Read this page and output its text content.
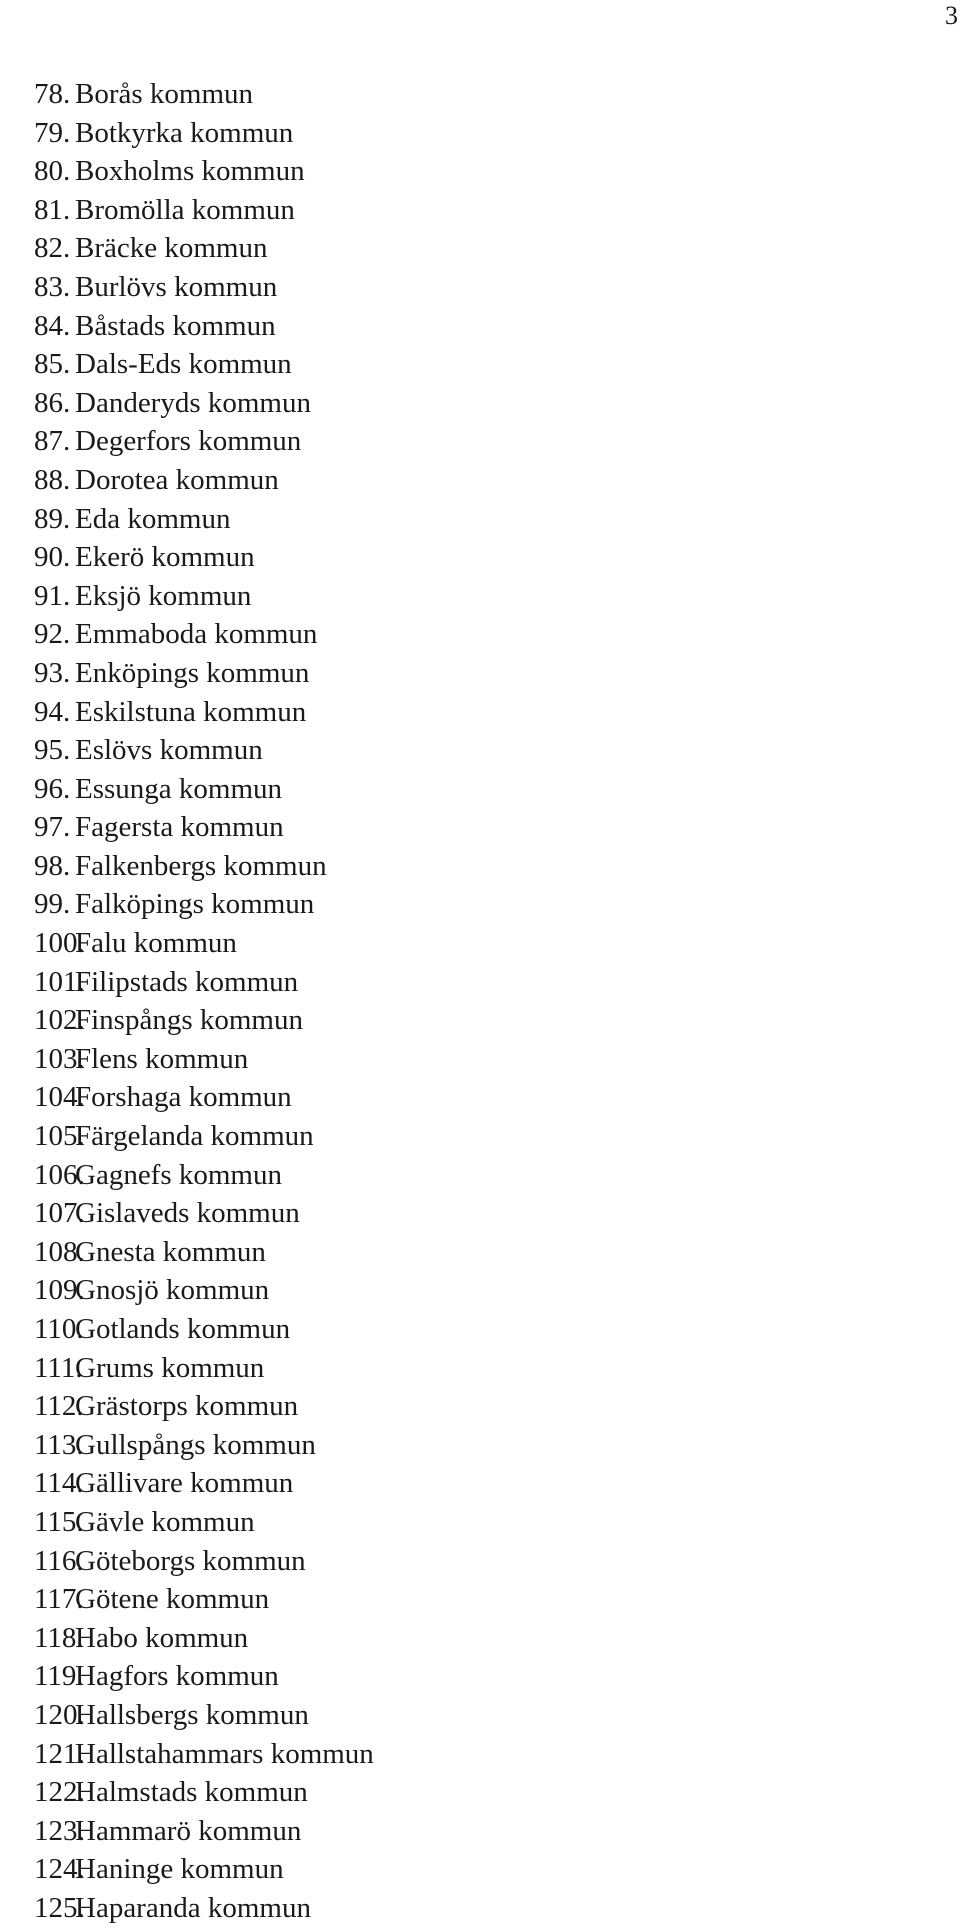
3
78. Borås kommun
79. Botkyrka kommun
80. Boxholms kommun
81. Bromölla kommun
82. Bräcke kommun
83. Burlövs kommun
84. Båstads kommun
85. Dals-Eds kommun
86. Danderyds kommun
87. Degerfors kommun
88. Dorotea kommun
89. Eda kommun
90. Ekerö kommun
91. Eksjö kommun
92. Emmaboda kommun
93. Enköpings kommun
94. Eskilstuna kommun
95. Eslövs kommun
96. Essunga kommun
97. Fagersta kommun
98. Falkenbergs kommun
99. Falköpings kommun
100.
Falu kommun
101.
Filipstads kommun
102.
Finspångs kommun
103.
Flens kommun
104.
Forshaga kommun
105.
Färgelanda kommun
106.
Gagnefs kommun
107.
Gislaveds kommun
108.
Gnesta kommun
109.
Gnosjö kommun
110.
Gotlands kommun
111.
Grums kommun
112.
Grästorps kommun
113.
Gullspångs kommun
114.
Gällivare kommun
115.
Gävle kommun
116.
Göteborgs kommun
117.
Götene kommun
118.
Habo kommun
119.
Hagfors kommun
120.
Hallsbergs kommun
121.
Hallstahammars kommun
122.
Halmstads kommun
123.
Hammarö kommun
124.
Haninge kommun
125.
Haparanda kommun
